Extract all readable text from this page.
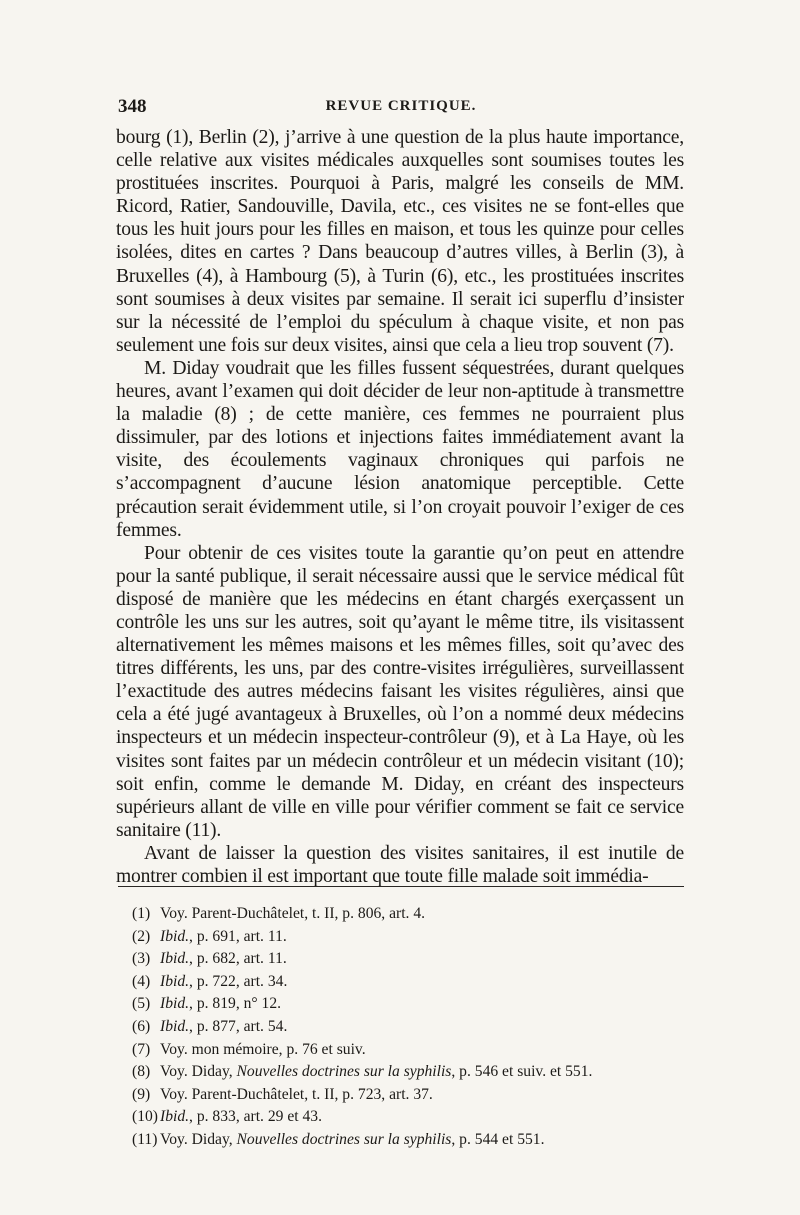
348	REVUE CRITIQUE.

bourg (1), Berlin (2), j’arrive à une question de la plus haute importance, celle relative aux visites médicales auxquelles sont soumises toutes les prostituées inscrites. Pourquoi à Paris, malgré les conseils de MM. Ricord, Ratier, Sandouville, Davila, etc., ces visites ne se font-elles que tous les huit jours pour les filles en maison, et tous les quinze pour celles isolées, dites en cartes ? Dans beaucoup d’autres villes, à Berlin (3), à Bruxelles (4), à Hambourg (5), à Turin (6), etc., les prostituées inscrites sont soumises à deux visites par semaine. Il serait ici superflu d’insister sur la nécessité de l’emploi du spéculum à chaque visite, et non pas seulement une fois sur deux visites, ainsi que cela a lieu trop souvent (7).

M. Diday voudrait que les filles fussent séquestrées, durant quelques heures, avant l’examen qui doit décider de leur non-aptitude à transmettre la maladie (8) ; de cette manière, ces femmes ne pourraient plus dissimuler, par des lotions et injections faites immédiatement avant la visite, des écoulements vaginaux chroniques qui parfois ne s’accompagnent d’aucune lésion anatomique perceptible. Cette précaution serait évidemment utile, si l’on croyait pouvoir l’exiger de ces femmes.

Pour obtenir de ces visites toute la garantie qu’on peut en attendre pour la santé publique, il serait nécessaire aussi que le service médical fût disposé de manière que les médecins en étant chargés exerçassent un contrôle les uns sur les autres, soit qu’ayant le même titre, ils visitassent alternativement les mêmes maisons et les mêmes filles, soit qu’avec des titres différents, les uns, par des contre-visites irrégulières, surveillassent l’exactitude des autres médecins faisant les visites régulières, ainsi que cela a été jugé avantageux à Bruxelles, où l’on a nommé deux médecins inspecteurs et un médecin inspecteur-contrôleur (9), et à La Haye, où les visites sont faites par un médecin contrôleur et un médecin visitant (10); soit enfin, comme le demande M. Diday, en créant des inspecteurs supérieurs allant de ville en ville pour vérifier comment se fait ce service sanitaire (11).

Avant de laisser la question des visites sanitaires, il est inutile de montrer combien il est important que toute fille malade soit immédia-

(1) Voy. Parent-Duchâtelet, t. II, p. 806, art. 4.
(2) Ibid., p. 691, art. 11.
(3) Ibid., p. 682, art. 11.
(4) Ibid., p. 722, art. 34.
(5) Ibid., p. 819, n° 12.
(6) Ibid., p. 877, art. 54.
(7) Voy. mon mémoire, p. 76 et suiv.
(8) Voy. Diday, Nouvelles doctrines sur la syphilis, p. 546 et suiv. et 551.
(9) Voy. Parent-Duchâtelet, t. II, p. 723, art. 37.
(10) Ibid., p. 833, art. 29 et 43.
(11) Voy. Diday, Nouvelles doctrines sur la syphilis, p. 544 et 551.
